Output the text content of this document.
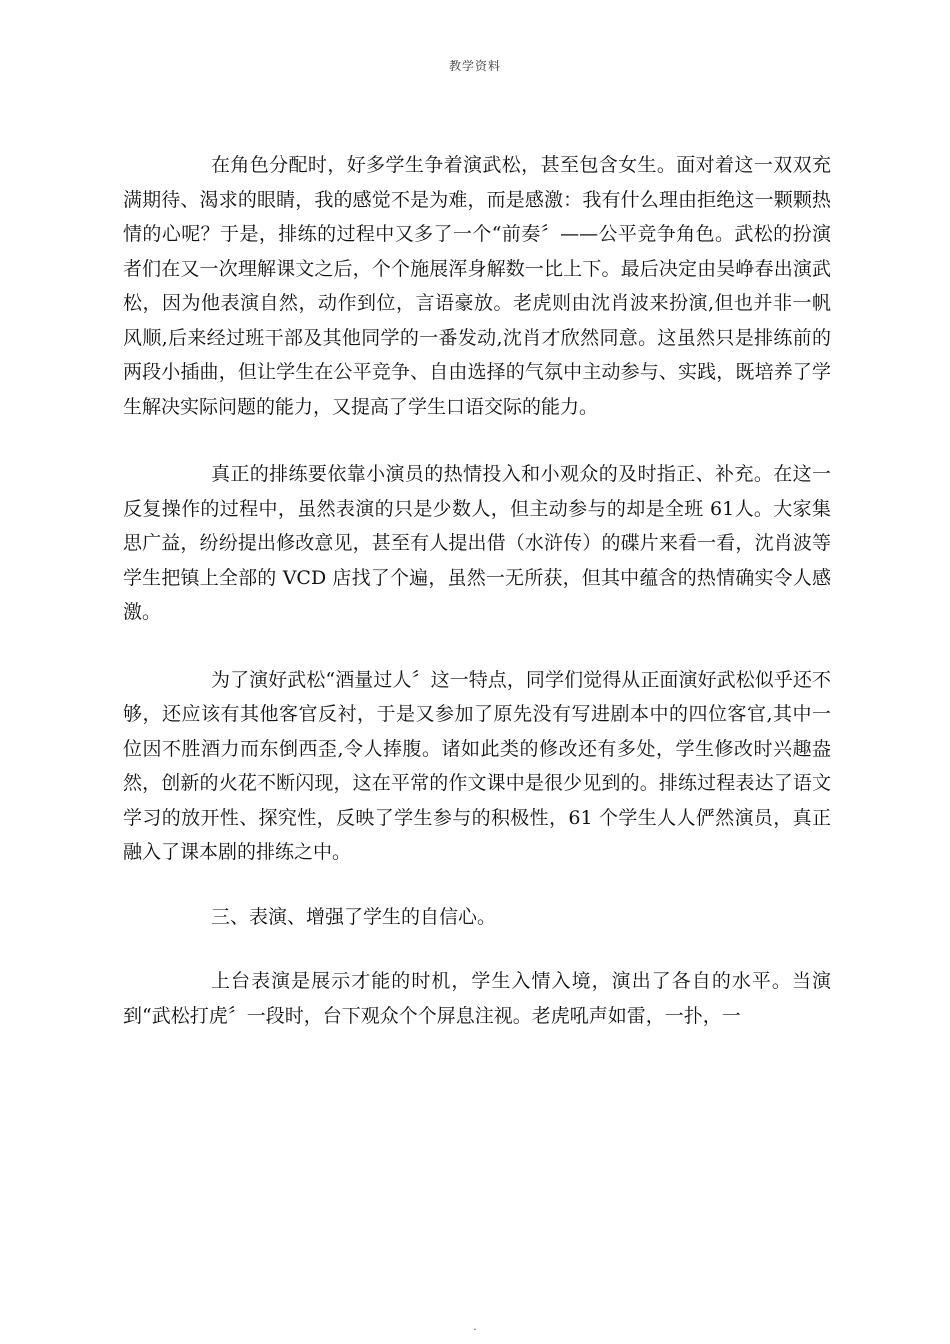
教学资料

在角色分配时，好多学生争着演武松，甚至包含女生。面对着这一双双充满期待、渴求的眼睛，我的感觉不是为难，而是感激：我有什么理由拒绝这一颗颗热情的心呢？于是，排练的过程中又多了一个“前奏〞——公平竞争角色。武松的扮演者们在又一次理解课文之后，个个施展浑身解数一比上下。最后决定由吴峥春出演武松，因为他表演自然，动作到位，言语豪放。老虎则由沈肖波来扮演,但也并非一帆风顺,后来经过班干部及其他同学的一番发动,沈肖才欣然同意。这虽然只是排练前的两段小插曲，但让学生在公平竞争、自由选择的气氛中主动参与、实践，既培养了学生解决实际问题的能力，又提高了学生口语交际的能力。

真正的排练要依靠小演员的热情投入和小观众的及时指正、补充。在这一反复操作的过程中，虽然表演的只是少数人，但主动参与的却是全班 61人。大家集思广益，纷纷提出修改意见，甚至有人提出借（水浒传）的碟片来看一看，沈肖波等学生把镇上全部的 VCD 店找了个遍，虽然一无所获，但其中蕴含的热情确实令人感激。

为了演好武松“酒量过人〞这一特点，同学们觉得从正面演好武松似乎还不够，还应该有其他客官反衬，于是又参加了原先没有写进剧本中的四位客官,其中一位因不胜酒力而东倒西歪,令人捧腹。诸如此类的修改还有多处，学生修改时兴趣盎然，创新的火花不断闪现，这在平常的作文课中是很少见到的。排练过程表达了语文学习的放开性、探究性，反映了学生参与的积极性，61 个学生人人俨然演员，真正融入了课本剧的排练之中。

三、表演、增强了学生的自信心。

上台表演是展示才能的时机，学生入情入境，演出了各自的水平。当演到“武松打虎〞一段时，台下观众个个屏息注视。老虎吼声如雷，一扑，一

.
